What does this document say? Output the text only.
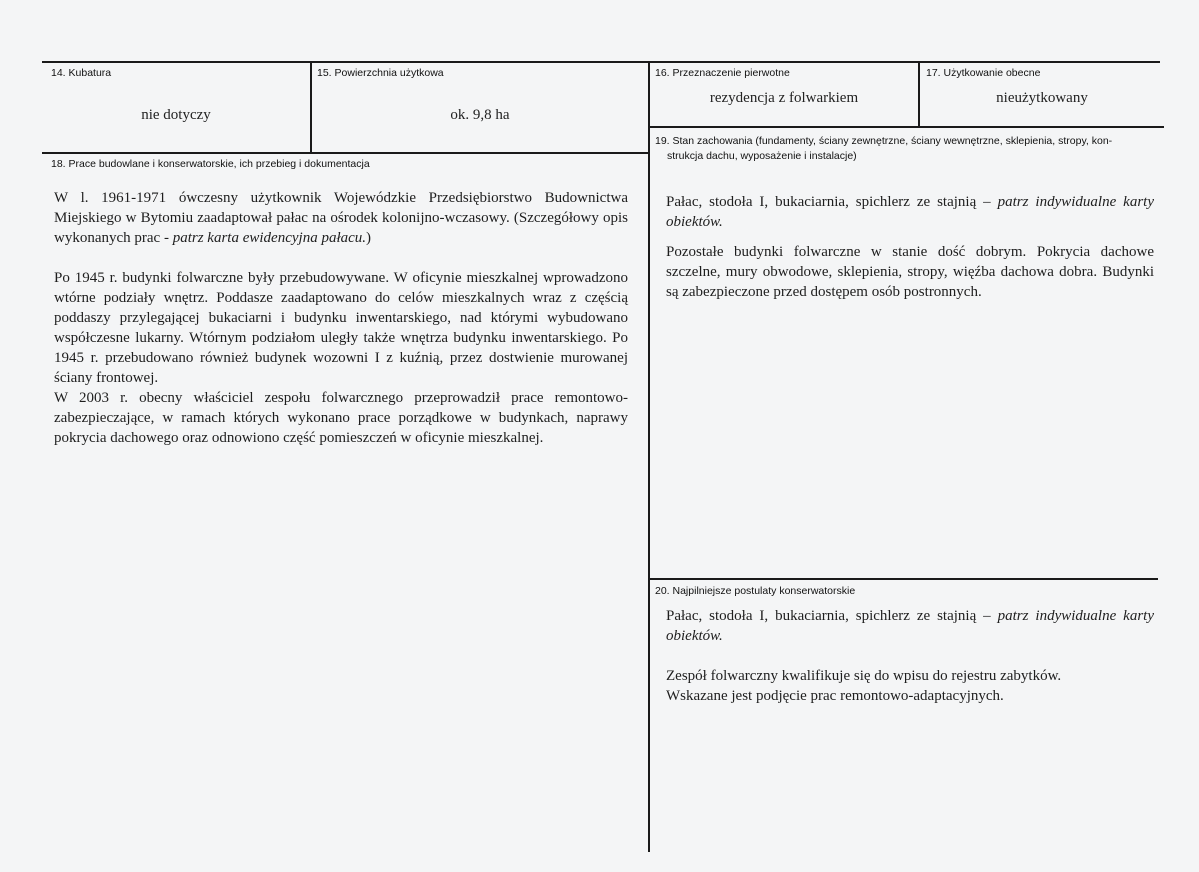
14. Kubatura
nie dotyczy
15. Powierzchnia użytkowa
ok. 9,8 ha
16. Przeznaczenie pierwotne
rezydencja z folwarkiem
17. Użytkowanie obecne
nieużytkowany
18. Prace budowlane i konserwatorskie, ich przebieg i dokumentacja

W l. 1961-1971 ówczesny użytkownik Wojewódzkie Przedsiębiorstwo Budownictwa Miejskiego w Bytomiu zaadaptował pałac na ośrodek kolonijno-wczasowy. (Szczegółowy opis wykonanych prac - patrz karta ewidencyjna pałacu.)

Po 1945 r. budynki folwarczne były przebudowywane. W oficynie mieszkalnej wprowadzono wtórne podziały wnętrz. Poddasze zaadaptowano do celów mieszkalnych wraz z częścią poddaszy przylegającej bukaciarni i budynku inwentarskiego, nad którymi wybudowano współczesne lukarny. Wtórnym podziałom uległy także wnętrza budynku inwentarskiego. Po 1945 r. przebudowano również budynek wozowni I z kuźnią, przez dostwienie murowanej ściany frontowej.

W 2003 r. obecny właściciel zespołu folwarcznego przeprowadził prace remontowo-zabezpieczające, w ramach których wykonano prace porządkowe w budynkach, naprawy pokrycia dachowego oraz odnowiono część pomieszczeń w oficynie mieszkalnej.

19. Stan zachowania (fundamenty, ściany zewnętrzne, ściany wewnętrzne, sklepienia, stropy, kon-
strukcja dachu, wyposażenie i instalacje)

Pałac, stodoła I, bukaciarnia, spichlerz ze stajnią – patrz indywidualne karty obiektów.

Pozostałe budynki folwarczne w stanie dość dobrym. Pokrycia dachowe szczelne, mury obwodowe, sklepienia, stropy, więźba dachowa dobra. Budynki są zabezpieczone przed dostępem osób postronnych.

20. Najpilniejsze postulaty konserwatorskie

Pałac, stodoła I, bukaciarnia, spichlerz ze stajnią – patrz indywidualne karty obiektów.

Zespół folwarczny kwalifikuje się do wpisu do rejestru zabytków.

Wskazane jest podjęcie prac remontowo-adaptacyjnych.
